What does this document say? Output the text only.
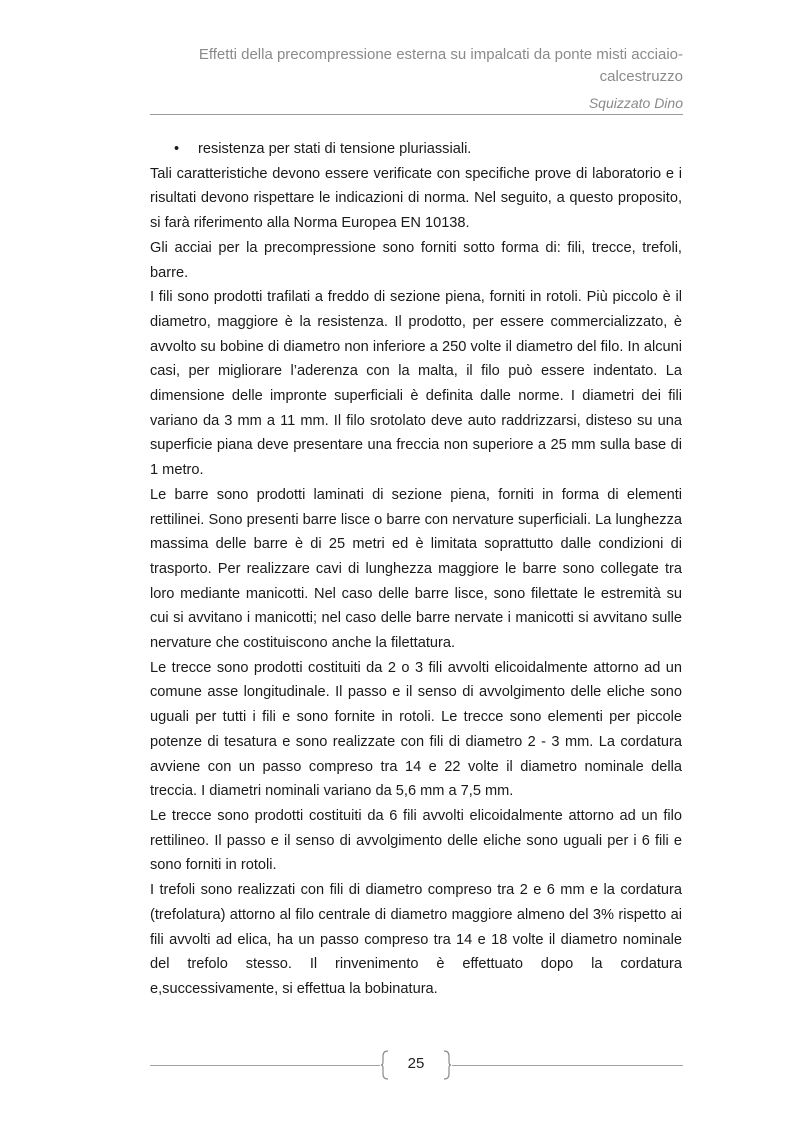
Effetti della precompressione esterna su impalcati da ponte misti acciaio-calcestruzzo
Squizzato Dino
•	resistenza per stati di tensione pluriassiali.

Tali caratteristiche devono essere verificate con specifiche prove di laboratorio e i risultati devono rispettare le indicazioni di norma. Nel seguito, a questo proposito, si farà riferimento alla Norma Europea EN 10138.

Gli acciai per la precompressione sono forniti sotto forma di: fili, trecce, trefoli, barre.

I fili sono prodotti trafilati a freddo di sezione piena, forniti in rotoli. Più piccolo è il diametro, maggiore è la resistenza. Il prodotto, per essere commercializzato, è avvolto su bobine di diametro non inferiore a 250 volte il diametro del filo. In alcuni casi, per migliorare l’aderenza con la malta, il filo può essere indentato. La dimensione delle impronte superficiali è definita dalle norme. I diametri dei fili variano da 3 mm a 11 mm. Il filo srotolato deve auto raddrizzarsi, disteso su una superficie piana deve presentare una freccia non superiore a 25 mm sulla base di 1 metro.

Le barre sono prodotti laminati di sezione piena, forniti in forma di elementi rettilinei. Sono presenti barre lisce o barre con nervature superficiali. La lunghezza massima delle barre è di 25 metri ed è limitata soprattutto dalle condizioni di trasporto. Per realizzare cavi di lunghezza maggiore le barre sono collegate tra loro mediante manicotti. Nel caso delle barre lisce, sono filettate le estremità su cui si avvitano i manicotti; nel caso delle barre nervate i manicotti si avvitano sulle nervature che costituiscono anche la filettatura.

Le trecce sono prodotti costituiti da 2 o 3 fili avvolti elicoidalmente attorno ad un comune asse longitudinale. Il passo e il senso di avvolgimento delle eliche sono uguali per tutti i fili e sono fornite in rotoli. Le trecce sono elementi per piccole potenze di tesatura e sono realizzate con fili di diametro 2 - 3 mm. La cordatura avviene con un passo compreso tra 14 e 22 volte il diametro nominale della treccia. I diametri nominali variano da 5,6 mm a 7,5 mm.

Le trecce sono prodotti costituiti da 6 fili avvolti elicoidalmente attorno ad un filo rettilineo. Il passo e il senso di avvolgimento delle eliche sono uguali per i 6 fili e sono forniti in rotoli.

I trefoli sono realizzati con fili di diametro compreso tra 2 e 6 mm e la cordatura (trefolatura) attorno al filo centrale di diametro maggiore almeno del 3% rispetto ai fili avvolti ad elica, ha un passo compreso tra 14 e 18 volte il diametro nominale del trefolo stesso. Il rinvenimento è effettuato dopo la cordatura e,successivamente, si effettua la bobinatura.

25
